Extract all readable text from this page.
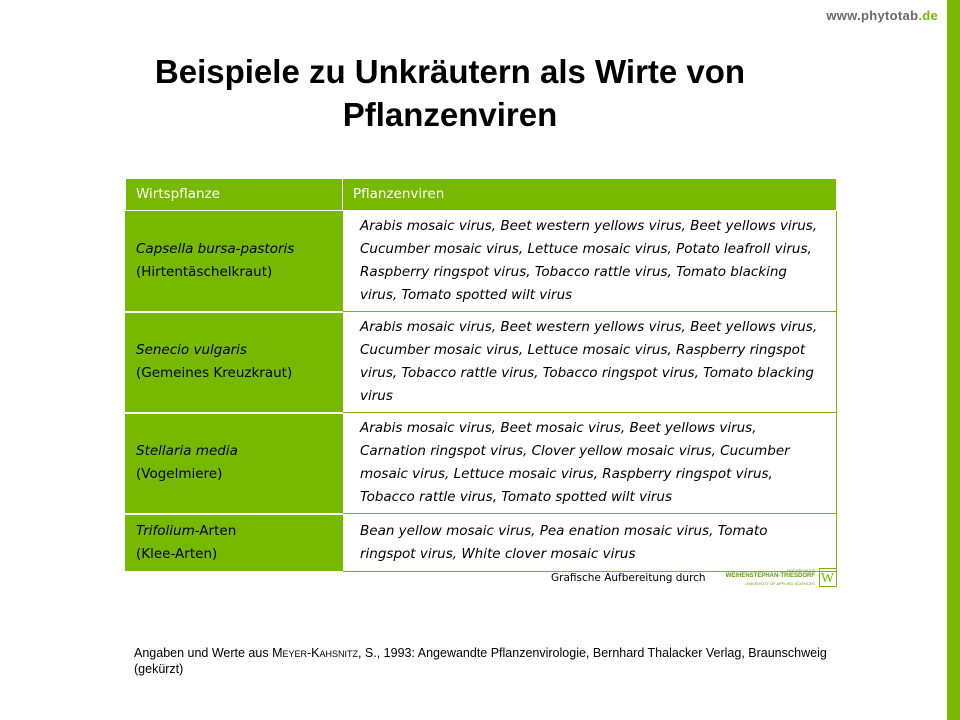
www.phytotab.de
Beispiele zu Unkräutern als Wirte von
Pflanzenviren
Wirtspflanze	Pflanzenviren
Capsella bursa-pastoris
(Hirtentäschelkraut)	Arabis mosaic virus, Beet western yellows virus, Beet yellows virus, Cucumber mosaic virus, Lettuce mosaic virus, Potato leafroll virus, Raspberry ringspot virus, Tobacco rattle virus, Tomato blacking virus, Tomato spotted wilt virus
Senecio vulgaris
(Gemeines Kreuzkraut)	Arabis mosaic virus, Beet western yellows virus, Beet yellows virus, Cucumber mosaic virus, Lettuce mosaic virus, Raspberry ringspot virus, Tobacco rattle virus, Tobacco ringspot virus, Tomato blacking virus
Stellaria media
(Vogelmiere)	Arabis mosaic virus, Beet mosaic virus, Beet yellows virus, Carnation ringspot virus, Clover yellow mosaic virus, Cucumber mosaic virus, Lettuce mosaic virus, Raspberry ringspot virus, Tobacco rattle virus, Tomato spotted wilt virus
Trifolium-Arten
(Klee-Arten)	Bean yellow mosaic virus, Pea enation mosaic virus, Tomato ringspot virus, White clover mosaic virus
Grafische Aufbereitung durch
HOCHSCHULE
WEIHENSTEPHAN-TRIESDORF
UNIVERSITY OF APPLIED SCIENCES W
Angaben und Werte aus Meyer-Kahsnitz, S., 1993: Angewandte Pflanzenvirologie, Bernhard Thalacker Verlag, Braunschweig (gekürzt)
